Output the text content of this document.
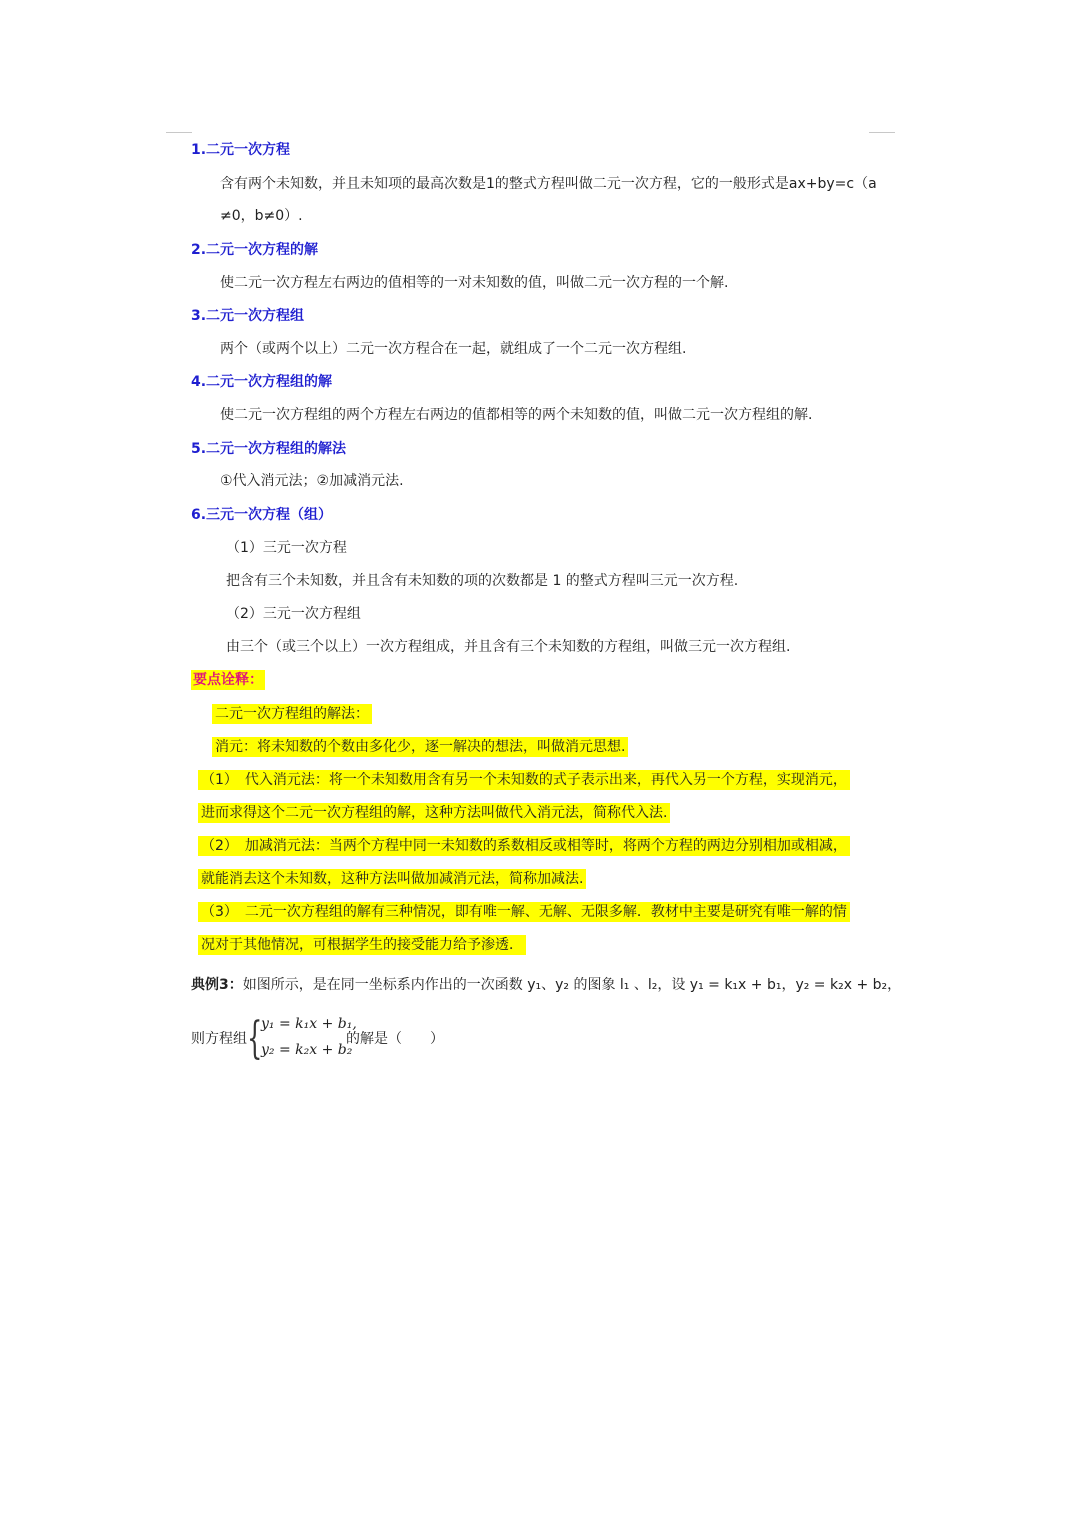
1.二元一次方程
含有两个未知数，并且未知项的最高次数是1的整式方程叫做二元一次方程，它的一般形式是ax+by=c（a
≠0，b≠0）.
2.二元一次方程的解
使二元一次方程左右两边的值相等的一对未知数的值，叫做二元一次方程的一个解.
3.二元一次方程组
两个（或两个以上）二元一次方程合在一起，就组成了一个二元一次方程组.
4.二元一次方程组的解
使二元一次方程组的两个方程左右两边的值都相等的两个未知数的值，叫做二元一次方程组的解.
5.二元一次方程组的解法
①代入消元法；②加减消元法.
6.三元一次方程（组）
（1）三元一次方程
把含有三个未知数，并且含有未知数的项的次数都是 1 的整式方程叫三元一次方程.
（2）三元一次方程组
由三个（或三个以上）一次方程组成，并且含有三个未知数的方程组，叫做三元一次方程组.
要点诠释：
二元一次方程组的解法：
消元：将未知数的个数由多化少，逐一解决的想法，叫做消元思想.
（1）　代入消元法：将一个未知数用含有另一个未知数的式子表示出来，再代入另一个方程，实现消元，
进而求得这个二元一次方程组的解，这种方法叫做代入消元法，简称代入法.
（2）　加减消元法：当两个方程中同一未知数的系数相反或相等时，将两个方程的两边分别相加或相减，
就能消去这个未知数，这种方法叫做加减消元法，简称加减法.
（3）　二元一次方程组的解有三种情况，即有唯一解、无解、无限多解．教材中主要是研究有唯一解的情
况对于其他情况，可根据学生的接受能力给予渗透．
典例3：如图所示，是在同一坐标系内作出的一次函数 y₁、y₂ 的图象 l₁ 、l₂，设 y₁ = k₁x + b₁，y₂ = k₂x + b₂，
则方程组 {
y₁ = k₁x + b₁,
y₂ = k₂x + b₂
的解是（　　）
